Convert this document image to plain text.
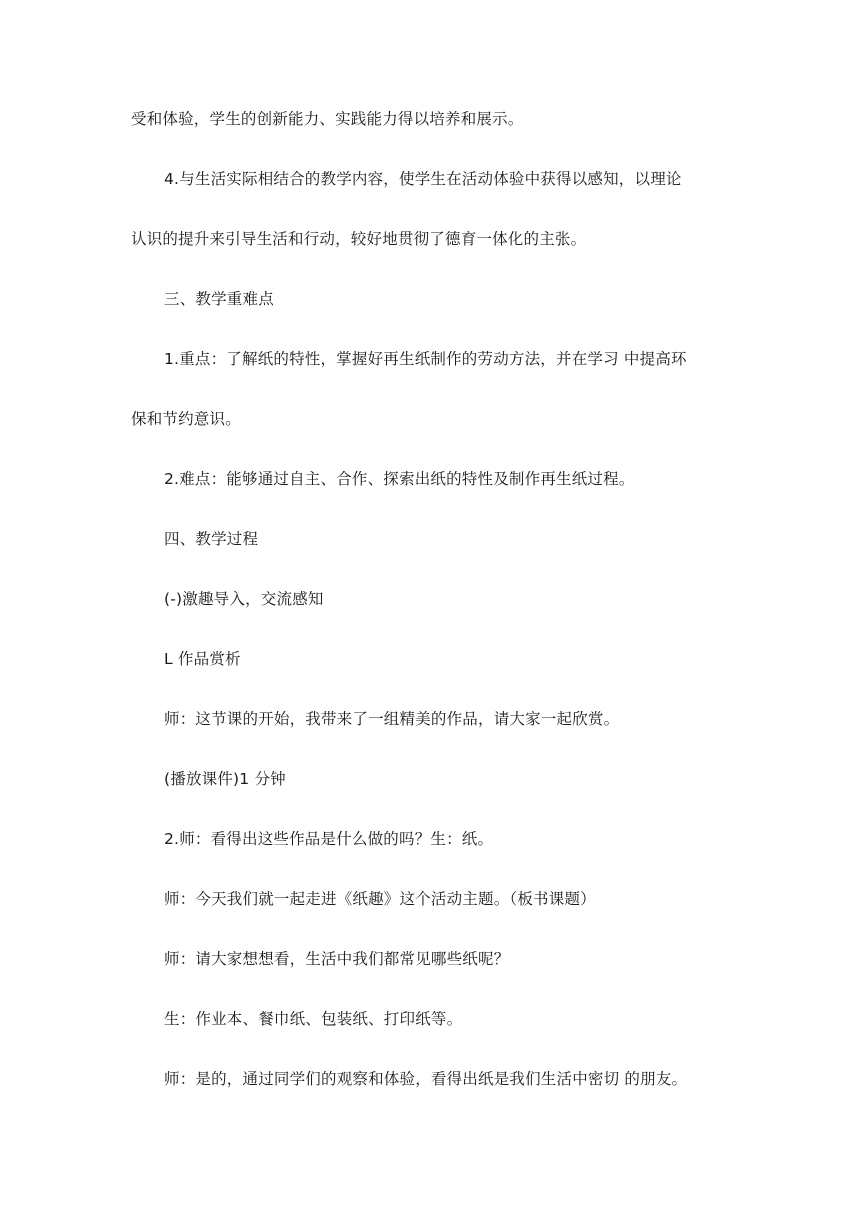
受和体验，学生的创新能力、实践能力得以培养和展示。
4.与生活实际相结合的教学内容，使学生在活动体验中获得以感知，以理论
认识的提升来引导生活和行动，较好地贯彻了德育一体化的主张。
三、教学重难点
1.重点：了解纸的特性，掌握好再生纸制作的劳动方法，并在学习 中提高环
保和节约意识。
2.难点：能够通过自主、合作、探索出纸的特性及制作再生纸过程。
四、教学过程
(-)激趣导入，交流感知
L 作品赏析
师：这节课的开始，我带来了一组精美的作品，请大家一起欣赏。
(播放课件)1 分钟
2.师：看得出这些作品是什么做的吗？生：纸。
师：今天我们就一起走进《纸趣》这个活动主题。（板书课题）
师：请大家想想看，生活中我们都常见哪些纸呢？
生：作业本、餐巾纸、包装纸、打印纸等。
师：是的，通过同学们的观察和体验，看得出纸是我们生活中密切 的朋友。
